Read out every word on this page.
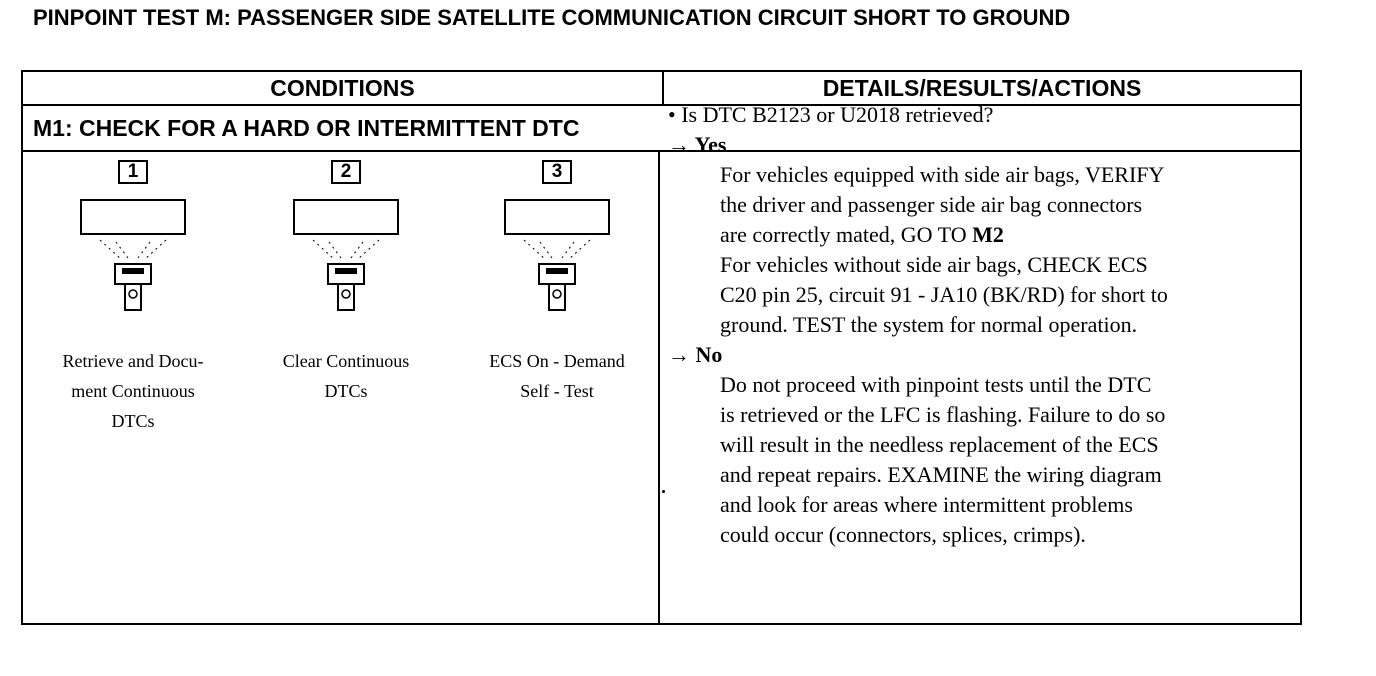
PINPOINT TEST M: PASSENGER SIDE SATELLITE COMMUNICATION CIRCUIT SHORT TO GROUND
CONDITIONS	DETAILS/RESULTS/ACTIONS
M1: CHECK FOR A HARD OR INTERMITTENT DTC
1
Retrieve and Docu-
ment Continuous
DTCs
2
Clear Continuous
DTCs
3
ECS On - Demand
Self - Test

• Is DTC B2123 or U2018 retrieved?

→ Yes

For vehicles equipped with side air bags, VERIFY

the driver and passenger side air bag connectors

are correctly mated, GO TO M2

For vehicles without side air bags, CHECK ECS

C20 pin 25, circuit 91 - JA10 (BK/RD) for short to

ground. TEST the system for normal operation.

→ No

Do not proceed with pinpoint tests until the DTC

is retrieved or the LFC is flashing. Failure to do so

will result in the needless replacement of the ECS

and repeat repairs. EXAMINE the wiring diagram

and look for areas where intermittent problems

could occur (connectors, splices, crimps).
